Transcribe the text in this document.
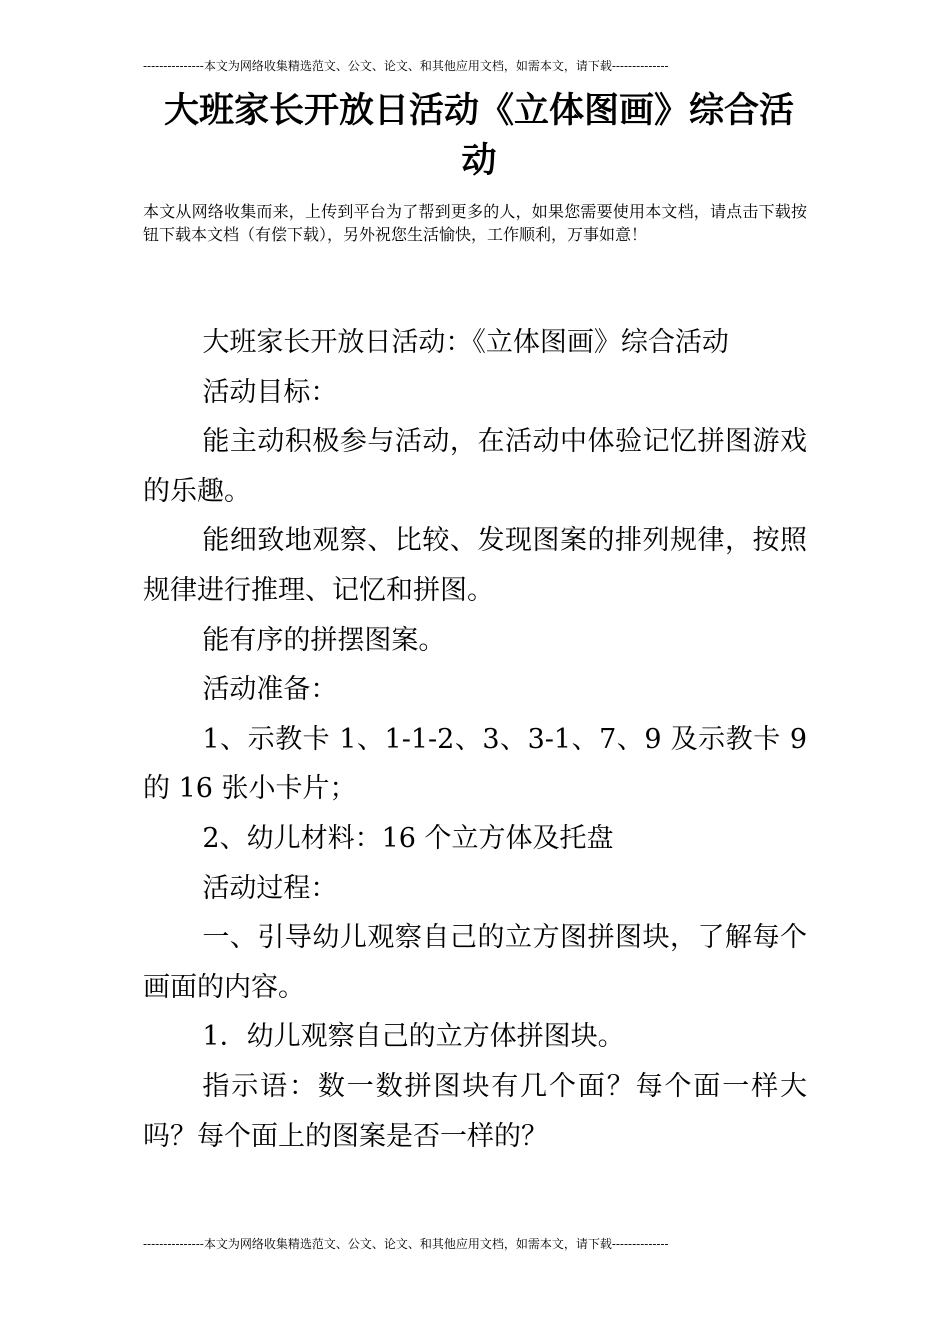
---------------本文为网络收集精选范文、公文、论文、和其他应用文档，如需本文，请下载--------------
大班家长开放日活动《立体图画》综合活动

本文从网络收集而来，上传到平台为了帮到更多的人，如果您需要使用本文档，请点击下载按钮下载本文档（有偿下载），另外祝您生活愉快，工作顺利，万事如意！

大班家长开放日活动：《立体图画》综合活动

活动目标：

能主动积极参与活动，在活动中体验记忆拼图游戏的乐趣。

能细致地观察、比较、发现图案的排列规律，按照规律进行推理、记忆和拼图。

能有序的拼摆图案。

活动准备：

1、示教卡 1、1-1-2、3、3-1、7、9 及示教卡 9 的 16 张小卡片；

2、幼儿材料：16 个立方体及托盘

活动过程：

一、引导幼儿观察自己的立方图拼图块，了解每个画面的内容。

1．幼儿观察自己的立方体拼图块。

指示语：数一数拼图块有几个面？每个面一样大吗？每个面上的图案是否一样的？

---------------本文为网络收集精选范文、公文、论文、和其他应用文档，如需本文，请下载--------------
